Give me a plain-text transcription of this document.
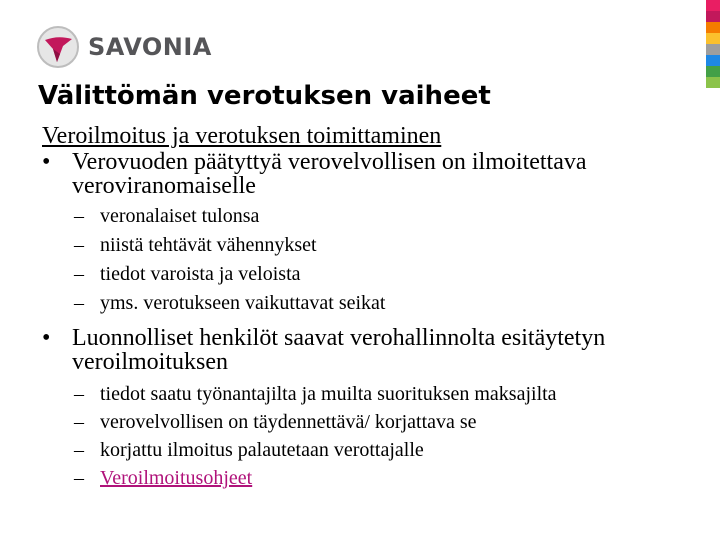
SAVONIA
Välittömän verotuksen vaiheet
Veroilmoitus ja verotuksen toimittaminen
• Verovuoden päätyttyä verovelvollisen on ilmoitettava veroviranomaiselle
– veronalaiset tulonsa
– niistä tehtävät vähennykset
– tiedot varoista ja veloista
– yms. verotukseen vaikuttavat seikat
• Luonnolliset henkilöt saavat verohallinnolta esitäytetyn veroilmoituksen
– tiedot saatu työnantajilta ja muilta suorituksen maksajilta
– verovelvollisen on täydennettävä/ korjattava se
– korjattu ilmoitus palautetaan verottajalle
– Veroilmoitusohjeet
